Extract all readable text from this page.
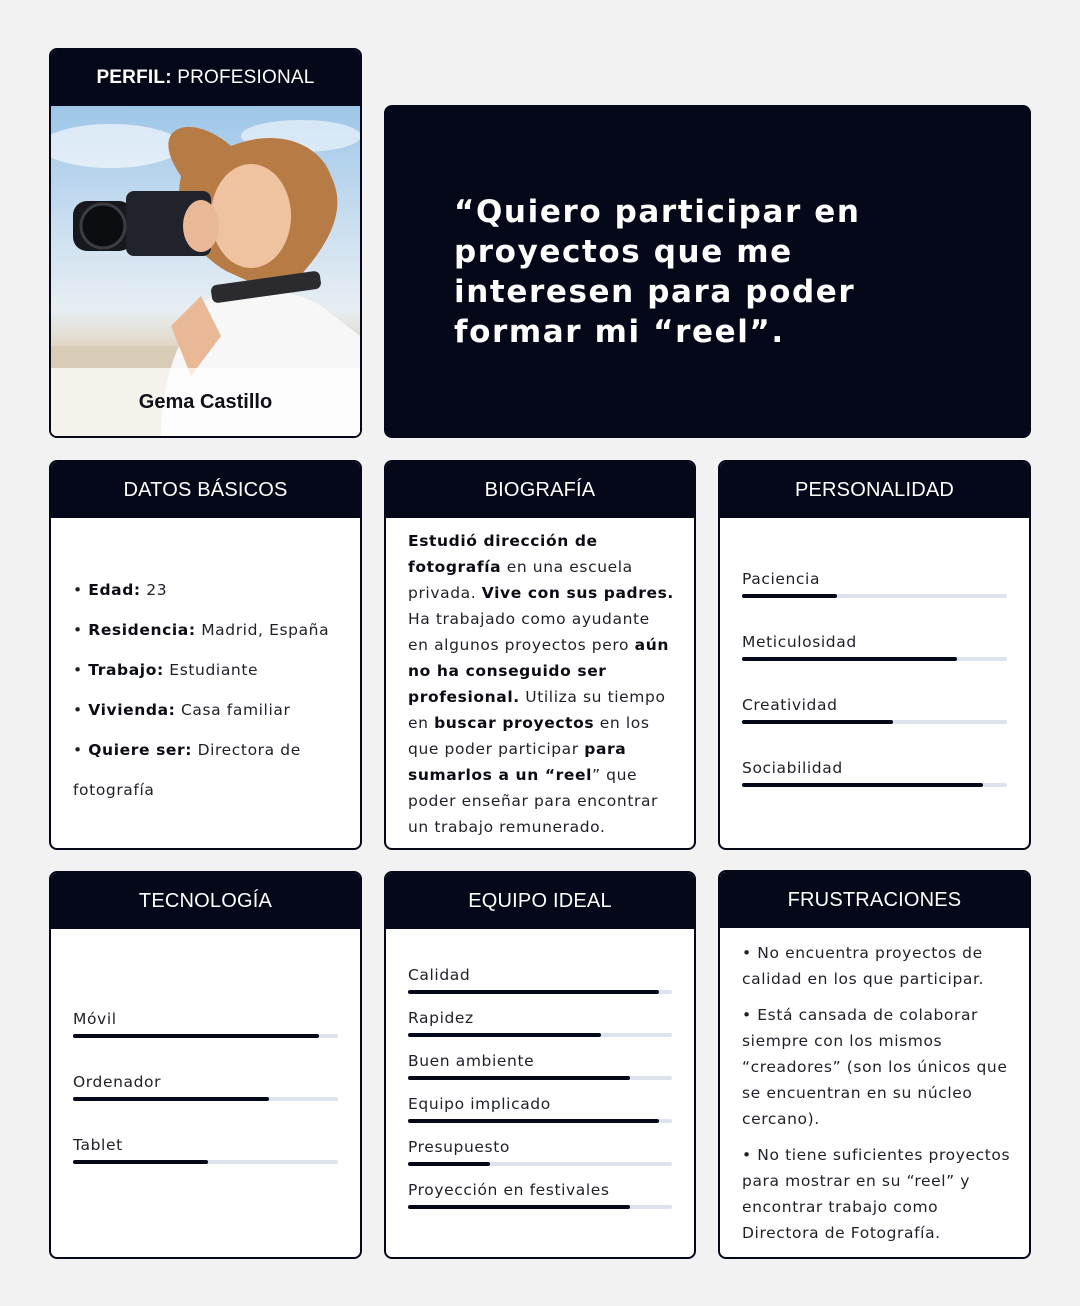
PERFIL: PROFESIONAL
Gema Castillo

“Quiero participar en proyectos que me interesen para poder formar mi “reel”.

DATOS BÁSICOS
• Edad: 23
• Residencia: Madrid, España
• Trabajo: Estudiante
• Vivienda: Casa familiar
• Quiere ser: Directora de
fotografía
BIOGRAFÍA
Estudió dirección de fotografía en una escuela privada. Vive con sus padres. Ha trabajado como ayudante en algunos proyectos pero aún no ha conseguido ser profesional. Utiliza su tiempo en buscar proyectos en los que poder participar para sumarlos a un “reel” que poder enseñar para encontrar un trabajo remunerado.
PERSONALIDAD
Paciencia
Meticulosidad
Creatividad
Sociabilidad
TECNOLOGÍA
Móvil
Ordenador
Tablet
EQUIPO IDEAL
Calidad
Rapidez
Buen ambiente
Equipo implicado
Presupuesto
Proyección en festivales
FRUSTRACIONES
• No encuentra proyectos de calidad en los que participar.
• Está cansada de colaborar siempre con los mismos “creadores” (son los únicos que se encuentran en su núcleo cercano).
• No tiene suficientes proyectos para mostrar en su “reel” y encontrar trabajo como Directora de Fotografía.
